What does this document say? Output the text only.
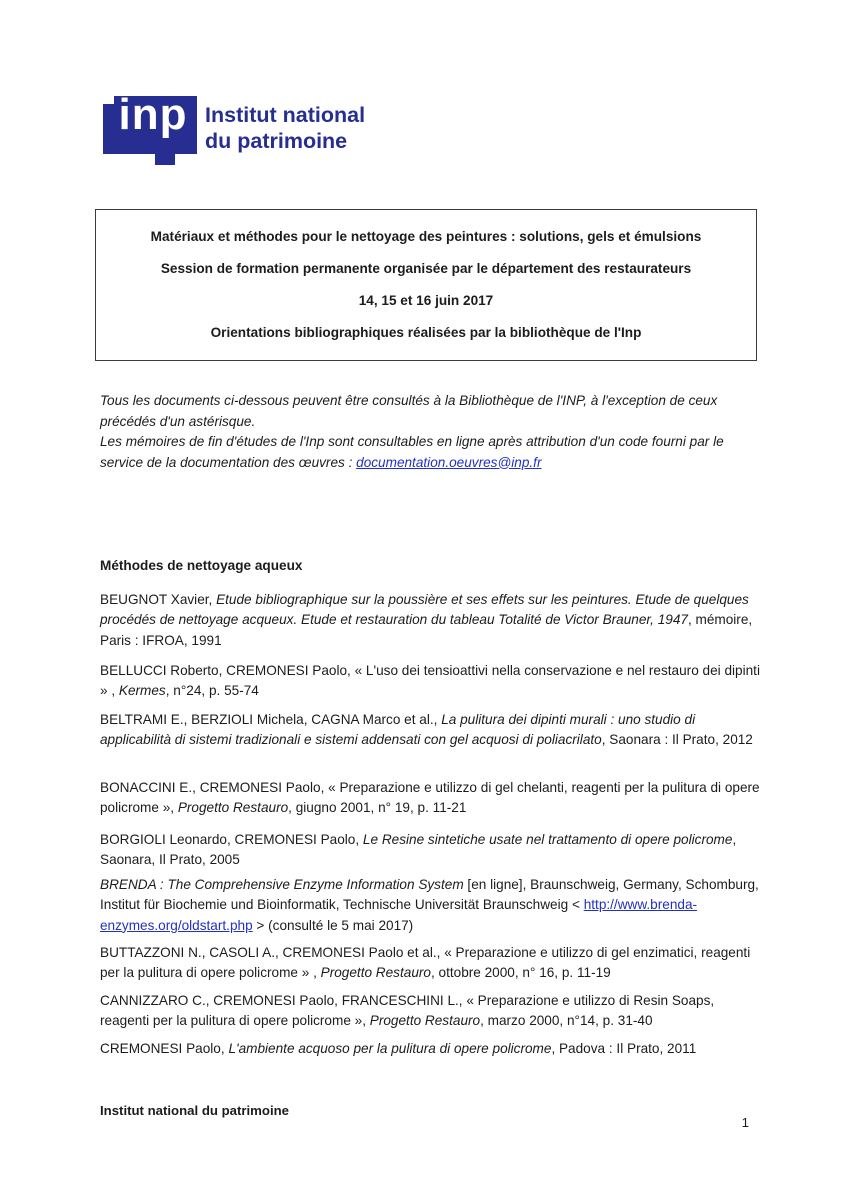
inp Institut national
du patrimoine

Matériaux et méthodes pour le nettoyage des peintures : solutions, gels et émulsions

Session de formation permanente organisée par le département des restaurateurs

14, 15 et 16 juin 2017

Orientations bibliographiques réalisées par la bibliothèque de l'Inp

Tous les documents ci-dessous peuvent être consultés à la Bibliothèque de l'INP, à l'exception de ceux précédés d'un astérisque.

Les mémoires de fin d'études de l'Inp sont consultables en ligne après attribution d'un code fourni par le service de la documentation des œuvres : documentation.oeuvres@inp.fr

Méthodes de nettoyage aqueux

BEUGNOT Xavier, Etude bibliographique sur la poussière et ses effets sur les peintures. Etude de quelques procédés de nettoyage acqueux. Etude et restauration du tableau Totalité de Victor Brauner, 1947, mémoire, Paris : IFROA, 1991

BELLUCCI Roberto, CREMONESI Paolo, « L'uso dei tensioattivi nella conservazione e nel restauro dei dipinti » , Kermes, n°24, p. 55-74

BELTRAMI E., BERZIOLI Michela, CAGNA Marco et al., La pulitura dei dipinti murali : uno studio di applicabilità di sistemi tradizionali e sistemi addensati con gel acquosi di poliacrilato, Saonara : Il Prato, 2012

BONACCINI E., CREMONESI Paolo, « Preparazione e utilizzo di gel chelanti, reagenti per la pulitura di opere policrome », Progetto Restauro, giugno 2001, n° 19, p. 11-21

BORGIOLI Leonardo, CREMONESI Paolo, Le Resine sintetiche usate nel trattamento di opere policrome, Saonara, Il Prato, 2005

BRENDA : The Comprehensive Enzyme Information System [en ligne], Braunschweig, Germany, Schomburg, Institut für Biochemie und Bioinformatik, Technische Universität Braunschweig < http://www.brenda-enzymes.org/oldstart.php > (consulté le 5 mai 2017)

BUTTAZZONI N., CASOLI A., CREMONESI Paolo et al., « Preparazione e utilizzo di gel enzimatici, reagenti per la pulitura di opere policrome » , Progetto Restauro, ottobre 2000, n° 16, p. 11-19

CANNIZZARO C., CREMONESI Paolo, FRANCESCHINI L., « Preparazione e utilizzo di Resin Soaps, reagenti per la pulitura di opere policrome », Progetto Restauro, marzo 2000, n°14, p. 31-40

CREMONESI Paolo, L'ambiente acquoso per la pulitura di opere policrome, Padova : Il Prato, 2011

Institut national du patrimoine
1
